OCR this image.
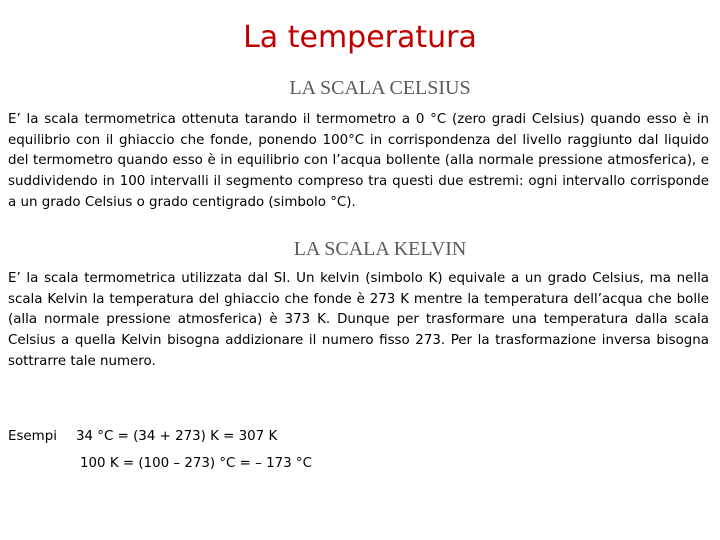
La temperatura
LA SCALA CELSIUS
E’ la scala termometrica ottenuta tarando il termometro a 0 °C (zero gradi Celsius) quando esso è in equilibrio con il ghiaccio che fonde, ponendo 100°C in corrispondenza del livello raggiunto dal liquido del termometro quando esso è in equilibrio con l’acqua bollente (alla normale pressione atmosferica), e suddividendo in 100 intervalli il segmento compreso tra questi due estremi: ogni intervallo corrisponde a un grado Celsius o grado centigrado (simbolo °C).
LA SCALA KELVIN
E’ la scala termometrica utilizzata dal SI. Un kelvin (simbolo K) equivale a un grado Celsius, ma nella scala Kelvin la temperatura del ghiaccio che fonde è 273 K mentre la temperatura dell’acqua che bolle (alla normale pressione atmosferica) è 373 K. Dunque per trasformare una temperatura dalla scala Celsius a quella Kelvin bisogna addizionare il numero fisso 273. Per la trasformazione inversa bisogna sottrarre tale numero.
Esempi 34 °C = (34 + 273) K = 307 K
100 K = (100 – 273) °C = – 173 °C
